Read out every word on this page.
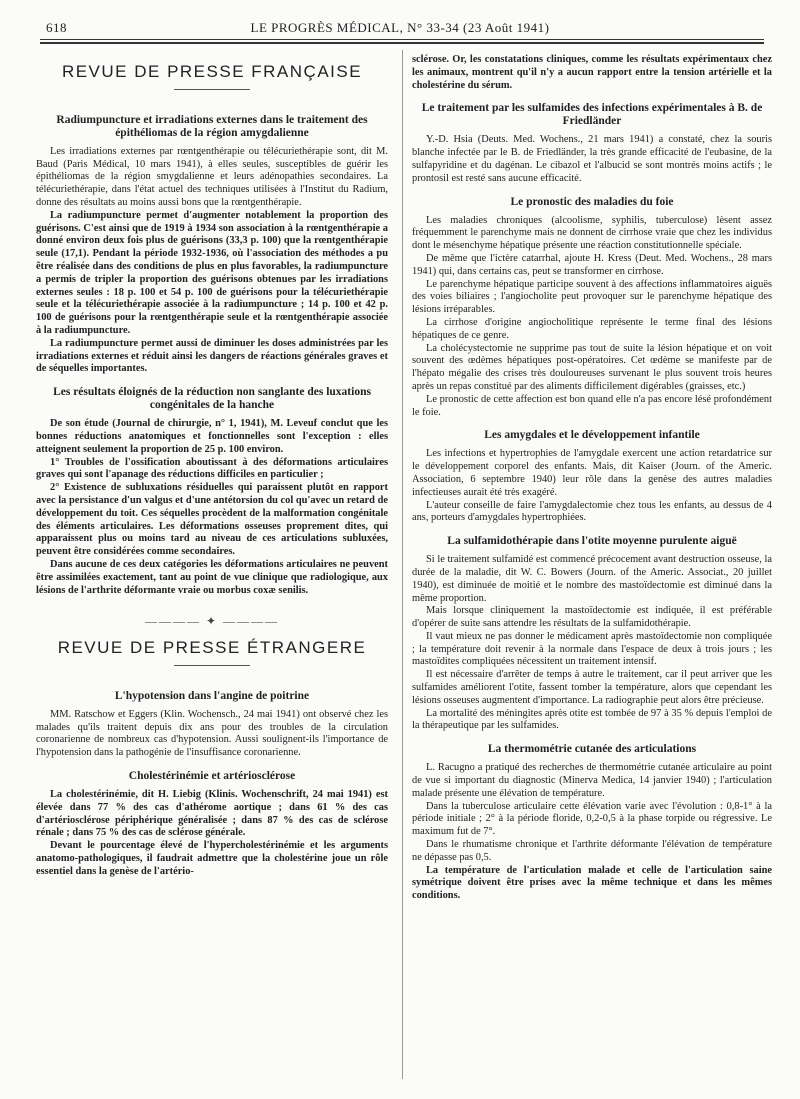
618	LE PROGRÈS MÉDICAL, N° 33-34 (23 Août 1941)
REVUE DE PRESSE FRANÇAISE
Radiumpuncture et irradiations externes dans le traitement des épithéliomas de la région amygdalienne

Les irradiations externes par rœntgenthérapie ou télécuriethérapie sont, dit M. Baud (Paris Médical, 10 mars 1941), à elles seules, susceptibles de guérir les épithéliomas de la région smygdalienne et leurs adénopathies secondaires. La télécuriethérapie, dans l'état actuel des techniques utilisées à l'Institut du Radium, donne des résultats au moins aussi bons que la rœntgenthérapie.

La radiumpuncture permet d'augmenter notablement la proportion des guérisons. C'est ainsi que de 1919 à 1934 son association à la rœntgenthérapie a donné environ deux fois plus de guérisons (33,3 p. 100) que la rœntgenthérapie seule (17,1). Pendant la période 1932-1936, où l'association des méthodes a pu être réalisée dans des conditions de plus en plus favorables, la radiumpuncture a permis de tripler la proportion des guérisons obtenues par les irradiations externes seules : 18 p. 100 et 54 p. 100 de guérisons pour la télécuriethérapie seule et la télécuriethérapie associée à la radiumpuncture ; 14 p. 100 et 42 p. 100 de guérisons pour la rœntgenthérapie seule et la rœntgenthérapie associée à la radiumpuncture.

La radiumpuncture permet aussi de diminuer les doses administrées par les irradiations externes et réduit ainsi les dangers de réactions générales graves et de séquelles importantes.

Les résultats éloignés de la réduction non sanglante des luxations congénitales de la hanche

De son étude (Journal de chirurgie, n° 1, 1941), M. Leveuf conclut que les bonnes réductions anatomiques et fonctionnelles sont l'exception : elles atteignent seulement la proportion de 25 p. 100 environ.

1° Troubles de l'ossification aboutissant à des déformations articulaires graves qui sont l'apanage des réductions difficiles en particulier ;

2° Existence de subluxations résiduelles qui paraissent plutôt en rapport avec la persistance d'un valgus et d'une antétorsion du col qu'avec un retard de développement du toit. Ces séquelles procèdent de la malformation congénitale des éléments articulaires. Les déformations osseuses proprement dites, qui apparaissent plus ou moins tard au niveau de ces articulations subluxées, peuvent être considérées comme secondaires.

Dans aucune de ces deux catégories les déformations articulaires ne peuvent être assimilées exactement, tant au point de vue clinique que radiologique, aux lésions de l'arthrite déformante vraie ou morbus coxæ senilis.

———— ✦ ————
REVUE DE PRESSE ÉTRANGERE
L'hypotension dans l'angine de poitrine

MM. Ratschow et Eggers (Klin. Wochensch., 24 mai 1941) ont observé chez les malades qu'ils traitent depuis dix ans pour des troubles de la circulation coronarienne de nombreux cas d'hypotension. Aussi soulignent-ils l'importance de l'hypotension dans la pathogénie de l'insuffisance coronarienne.

Cholestérinémie et artériosclérose

La cholestérinémie, dit H. Liebig (Klinis. Wochenschrift, 24 mai 1941) est élevée dans 77 % des cas d'athérome aortique ; dans 61 % des cas d'artériosclérose périphérique généralisée ; dans 87 % des cas de sclérose rénale ; dans 75 % des cas de sclérose générale.

Devant le pourcentage élevé de l'hypercholestérinémie et les arguments anatomo-pathologiques, il faudrait admettre que la cholestérine joue un rôle essentiel dans la genèse de l'artério-

sclérose. Or, les constatations cliniques, comme les résultats expérimentaux chez les animaux, montrent qu'il n'y a aucun rapport entre la tension artérielle et la cholestérine du sérum.

Le traitement par les sulfamides des infections expérimentales à B. de Friedländer

Y.-D. Hsia (Deuts. Med. Wochens., 21 mars 1941) a constaté, chez la souris blanche infectée par le B. de Friedländer, la très grande efficacité de l'eubasine, de la sulfapyridine et du dagénan. Le cibazol et l'albucid se sont montrés moins actifs ; le prontosil est resté sans aucune efficacité.

Le pronostic des maladies du foie

Les maladies chroniques (alcoolisme, syphilis, tuberculose) lèsent assez fréquemment le parenchyme mais ne donnent de cirrhose vraie que chez les individus dont le mésenchyme hépatique présente une réaction constitutionnelle spéciale.

De même que l'ictère catarrhal, ajoute H. Kress (Deut. Med. Wochens., 28 mars 1941) qui, dans certains cas, peut se transformer en cirrhose.

Le parenchyme hépatique participe souvent à des affections inflammatoires aiguës des voies biliaires ; l'angiocholite peut provoquer sur le parenchyme hépatique des lésions irréparables.

La cirrhose d'origine angiocholitique représente le terme final des lésions hépatiques de ce genre.

La cholécystectomie ne supprime pas tout de suite la lésion hépatique et on voit souvent des œdèmes hépatiques post-opératoires. Cet œdème se manifeste par de l'hépato mégalie des crises très douloureuses survenant le plus souvent trois heures après un repas constitué par des aliments difficilement digérables (graisses, etc.)

Le pronostic de cette affection est bon quand elle n'a pas encore lésé profondément le foie.

Les amygdales et le développement infantile

Les infections et hypertrophies de l'amygdale exercent une action retardatrice sur le développement corporel des enfants. Mais, dit Kaiser (Journ. of the Americ. Association, 6 septembre 1940) leur rôle dans la genèse des autres maladies infectieuses aurait été très exagéré.

L'auteur conseille de faire l'amygdalectomie chez tous les enfants, au dessus de 4 ans, porteurs d'amygdales hypertrophiées.

La sulfamidothérapie dans l'otite moyenne purulente aiguë

Si le traitement sulfamidé est commencé précocement avant destruction osseuse, la durée de la maladie, dit W. C. Bowers (Journ. of the Americ. Associat., 20 juillet 1940), est diminuée de moitié et le nombre des mastoïdectomie est diminué dans la même proportion.

Mais lorsque cliniquement la mastoïdectomie est indiquée, il est préférable d'opérer de suite sans attendre les résultats de la sulfamidothérapie.

Il vaut mieux ne pas donner le médicament après mastoïdectomie non compliquée ; la température doit revenir à la normale dans l'espace de deux à trois jours ; les mastoïdites compliquées nécessitent un traitement intensif.

Il est nécessaire d'arrêter de temps à autre le traitement, car il peut arriver que les sulfamides améliorent l'otite, fassent tomber la température, alors que cependant les lésions osseuses augmentent d'importance. La radiographie peut alors être précieuse.

La mortalité des méningites après otite est tombée de 97 à 35 % depuis l'emploi de la thérapeutique par les sulfamides.

La thermométrie cutanée des articulations

L. Racugno a pratiqué des recherches de thermométrie cutanée articulaire au point de vue si important du diagnostic (Minerva Medica, 14 janvier 1940) ; l'articulation malade présente une élévation de température.

Dans la tuberculose articulaire cette élévation varie avec l'évolution : 0,8-1° à la période initiale ; 2° à la période floride, 0,2-0,5 à la phase torpide ou régressive. Le maximum fut de 7°.

Dans le rhumatisme chronique et l'arthrite déformante l'élévation de température ne dépasse pas 0,5.

La température de l'articulation malade et celle de l'articulation saine symétrique doivent être prises avec la même technique et dans les mêmes conditions.
